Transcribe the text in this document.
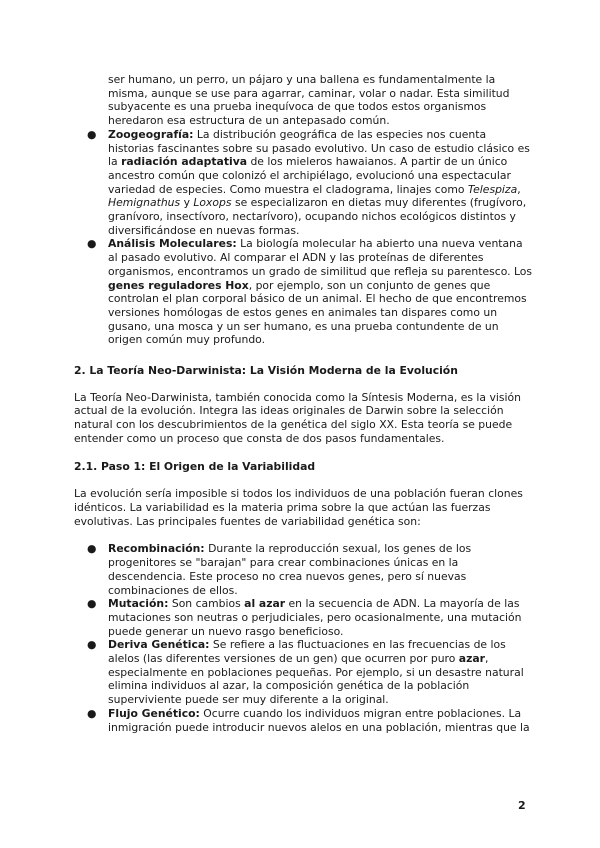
ser humano, un perro, un pájaro y una ballena es fundamentalmente la
misma, aunque se use para agarrar, caminar, volar o nadar. Esta similitud
subyacente es una prueba inequívoca de que todos estos organismos
heredaron esa estructura de un antepasado común.
● Zoogeografía: La distribución geográfica de las especies nos cuenta historias fascinantes sobre su pasado evolutivo. Un caso de estudio clásico es la radiación adaptativa de los mieleros hawaianos. A partir de un único ancestro común que colonizó el archipiélago, evolucionó una espectacular variedad de especies. Como muestra el cladograma, linajes como Telespiza, Hemignathus y Loxops se especializaron en dietas muy diferentes (frugívoro, granívoro, insectívoro, nectarívoro), ocupando nichos ecológicos distintos y diversificándose en nuevas formas.
● Análisis Moleculares: La biología molecular ha abierto una nueva ventana al pasado evolutivo. Al comparar el ADN y las proteínas de diferentes organismos, encontramos un grado de similitud que refleja su parentesco. Los genes reguladores Hox, por ejemplo, son un conjunto de genes que controlan el plan corporal básico de un animal. El hecho de que encontremos versiones homólogas de estos genes en animales tan dispares como un gusano, una mosca y un ser humano, es una prueba contundente de un origen común muy profundo.

2. La Teoría Neo-Darwinista: La Visión Moderna de la Evolución

La Teoría Neo-Darwinista, también conocida como la Síntesis Moderna, es la visión actual de la evolución. Integra las ideas originales de Darwin sobre la selección natural con los descubrimientos de la genética del siglo XX. Esta teoría se puede entender como un proceso que consta de dos pasos fundamentales.

2.1. Paso 1: El Origen de la Variabilidad

La evolución sería imposible si todos los individuos de una población fueran clones idénticos. La variabilidad es la materia prima sobre la que actúan las fuerzas evolutivas. Las principales fuentes de variabilidad genética son:

● Recombinación: Durante la reproducción sexual, los genes de los progenitores se "barajan" para crear combinaciones únicas en la descendencia. Este proceso no crea nuevos genes, pero sí nuevas combinaciones de ellos.
● Mutación: Son cambios al azar en la secuencia de ADN. La mayoría de las mutaciones son neutras o perjudiciales, pero ocasionalmente, una mutación puede generar un nuevo rasgo beneficioso.
● Deriva Genética: Se refiere a las fluctuaciones en las frecuencias de los alelos (las diferentes versiones de un gen) que ocurren por puro azar, especialmente en poblaciones pequeñas. Por ejemplo, si un desastre natural elimina individuos al azar, la composición genética de la población superviviente puede ser muy diferente a la original.
● Flujo Genético: Ocurre cuando los individuos migran entre poblaciones. La inmigración puede introducir nuevos alelos en una población, mientras que la
2
